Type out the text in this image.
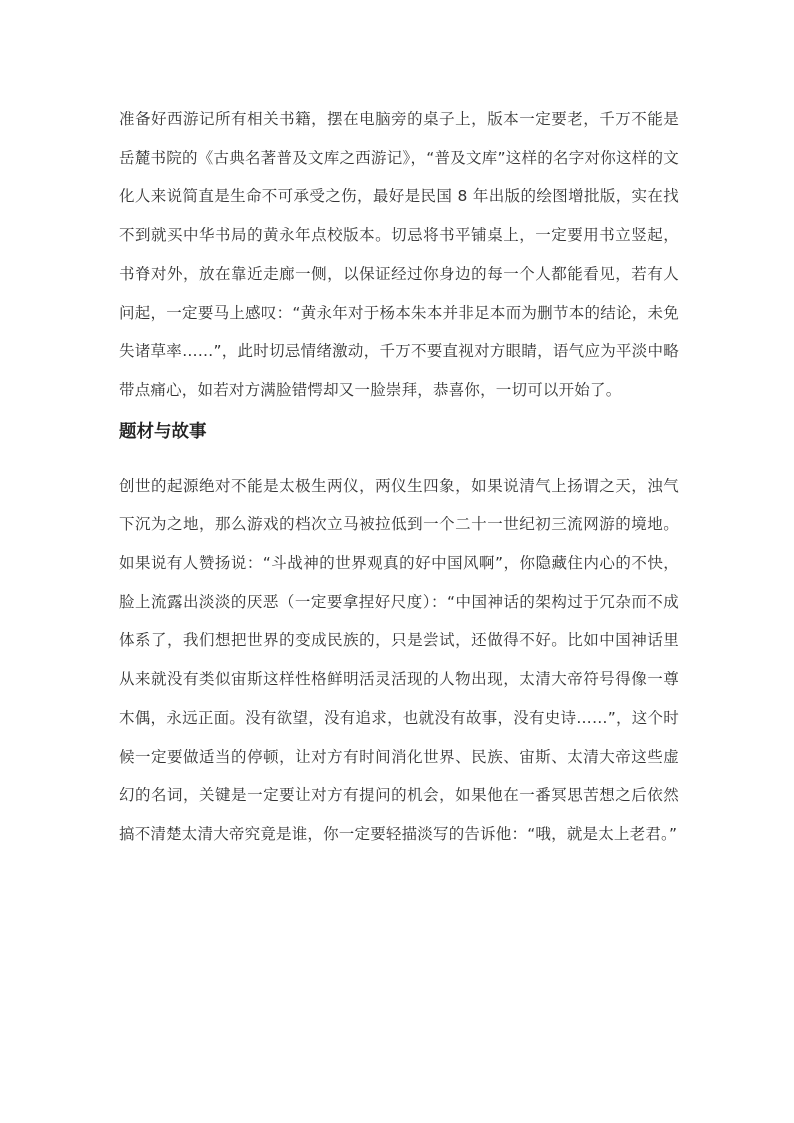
准备好西游记所有相关书籍，摆在电脑旁的桌子上，版本一定要老，千万不能是岳麓书院的《古典名著普及文库之西游记》，“普及文库”这样的名字对你这样的文化人来说简直是生命不可承受之伤，最好是民国 8 年出版的绘图增批版，实在找不到就买中华书局的黄永年点校版本。切忌将书平铺桌上，一定要用书立竖起，书脊对外，放在靠近走廊一侧，以保证经过你身边的每一个人都能看见，若有人问起，一定要马上感叹：“黄永年对于杨本朱本并非足本而为删节本的结论，未免失诸草率……”，此时切忌情绪激动，千万不要直视对方眼睛，语气应为平淡中略带点痛心，如若对方满脸错愕却又一脸崇拜，恭喜你，一切可以开始了。

题材与故事

创世的起源绝对不能是太极生两仪，两仪生四象，如果说清气上扬谓之天，浊气下沉为之地，那么游戏的档次立马被拉低到一个二十一世纪初三流网游的境地。如果说有人赞扬说：“斗战神的世界观真的好中国风啊”，你隐藏住内心的不快，脸上流露出淡淡的厌恶（一定要拿捏好尺度）：“中国神话的架构过于冗杂而不成体系了，我们想把世界的变成民族的，只是尝试，还做得不好。比如中国神话里从来就没有类似宙斯这样性格鲜明活灵活现的人物出现，太清大帝符号得像一尊木偶，永远正面。没有欲望，没有追求，也就没有故事，没有史诗……”，这个时候一定要做适当的停顿，让对方有时间消化世界、民族、宙斯、太清大帝这些虚幻的名词，关键是一定要让对方有提问的机会，如果他在一番冥思苦想之后依然搞不清楚太清大帝究竟是谁，你一定要轻描淡写的告诉他：“哦，就是太上老君。”
